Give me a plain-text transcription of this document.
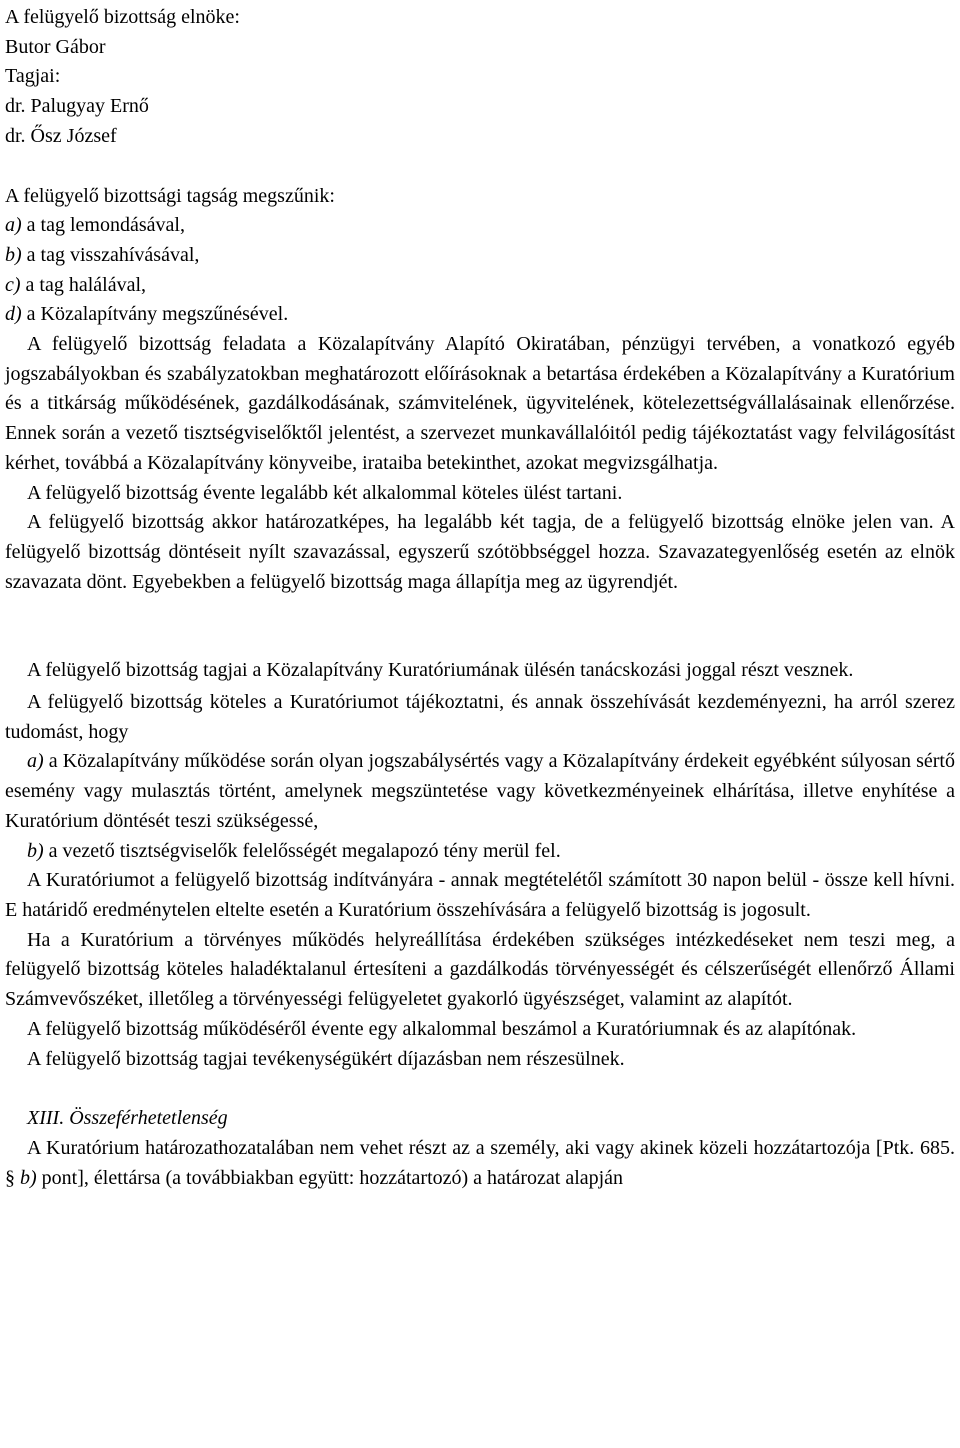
A felügyelő bizottság elnöke:
Butor Gábor
Tagjai:
dr. Palugyay Ernő
dr. Ősz József
A felügyelő bizottsági tagság megszűnik:
a) a tag lemondásával,
b) a tag visszahívásával,
c) a tag halálával,
d) a Közalapítvány megszűnésével.

A felügyelő bizottság feladata a Közalapítvány Alapító Okiratában, pénzügyi tervében, a vonatkozó egyéb jogszabályokban és szabályzatokban meghatározott előírásoknak a betartása érdekében a Közalapítvány a Kuratórium és a titkárság működésének, gazdálkodásának, számvitelének, ügyvitelének, kötelezettségvállalásainak ellenőrzése. Ennek során a vezető tisztségviselőktől jelentést, a szervezet munkavállalóitól pedig tájékoztatást vagy felvilágosítást kérhet, továbbá a Közalapítvány könyveibe, irataiba betekinthet, azokat megvizsgálhatja.

A felügyelő bizottság évente legalább két alkalommal köteles ülést tartani.

A felügyelő bizottság akkor határozatképes, ha legalább két tagja, de a felügyelő bizottság elnöke jelen van. A felügyelő bizottság döntéseit nyílt szavazással, egyszerű szótöbbséggel hozza. Szavazategyenlőség esetén az elnök szavazata dönt. Egyebekben a felügyelő bizottság maga állapítja meg az ügyrendjét.

A felügyelő bizottság tagjai a Közalapítvány Kuratóriumának ülésén tanácskozási joggal részt vesznek.

A felügyelő bizottság köteles a Kuratóriumot tájékoztatni, és annak összehívását kezdeményezni, ha arról szerez tudomást, hogy

a) a Közalapítvány működése során olyan jogszabálysértés vagy a Közalapítvány érdekeit egyébként súlyosan sértő esemény vagy mulasztás történt, amelynek megszüntetése vagy következményeinek elhárítása, illetve enyhítése a Kuratórium döntését teszi szükségessé,

b) a vezető tisztségviselők felelősségét megalapozó tény merül fel.

A Kuratóriumot a felügyelő bizottság indítványára - annak megtételétől számított 30 napon belül - össze kell hívni. E határidő eredménytelen eltelte esetén a Kuratórium összehívására a felügyelő bizottság is jogosult.

Ha a Kuratórium a törvényes működés helyreállítása érdekében szükséges intézkedéseket nem teszi meg, a felügyelő bizottság köteles haladéktalanul értesíteni a gazdálkodás törvényességét és célszerűségét ellenőrző Állami Számvevőszéket, illetőleg a törvényességi felügyeletet gyakorló ügyészséget, valamint az alapítót.

A felügyelő bizottság működéséről évente egy alkalommal beszámol a Kuratóriumnak és az alapítónak.

A felügyelő bizottság tagjai tevékenységükért díjazásban nem részesülnek.

XIII. Összeférhetetlenség

A Kuratórium határozathozatalában nem vehet részt az a személy, aki vagy akinek közeli hozzátartozója [Ptk. 685. § b) pont], élettársa (a továbbiakban együtt: hozzátartozó) a határozat alapján
